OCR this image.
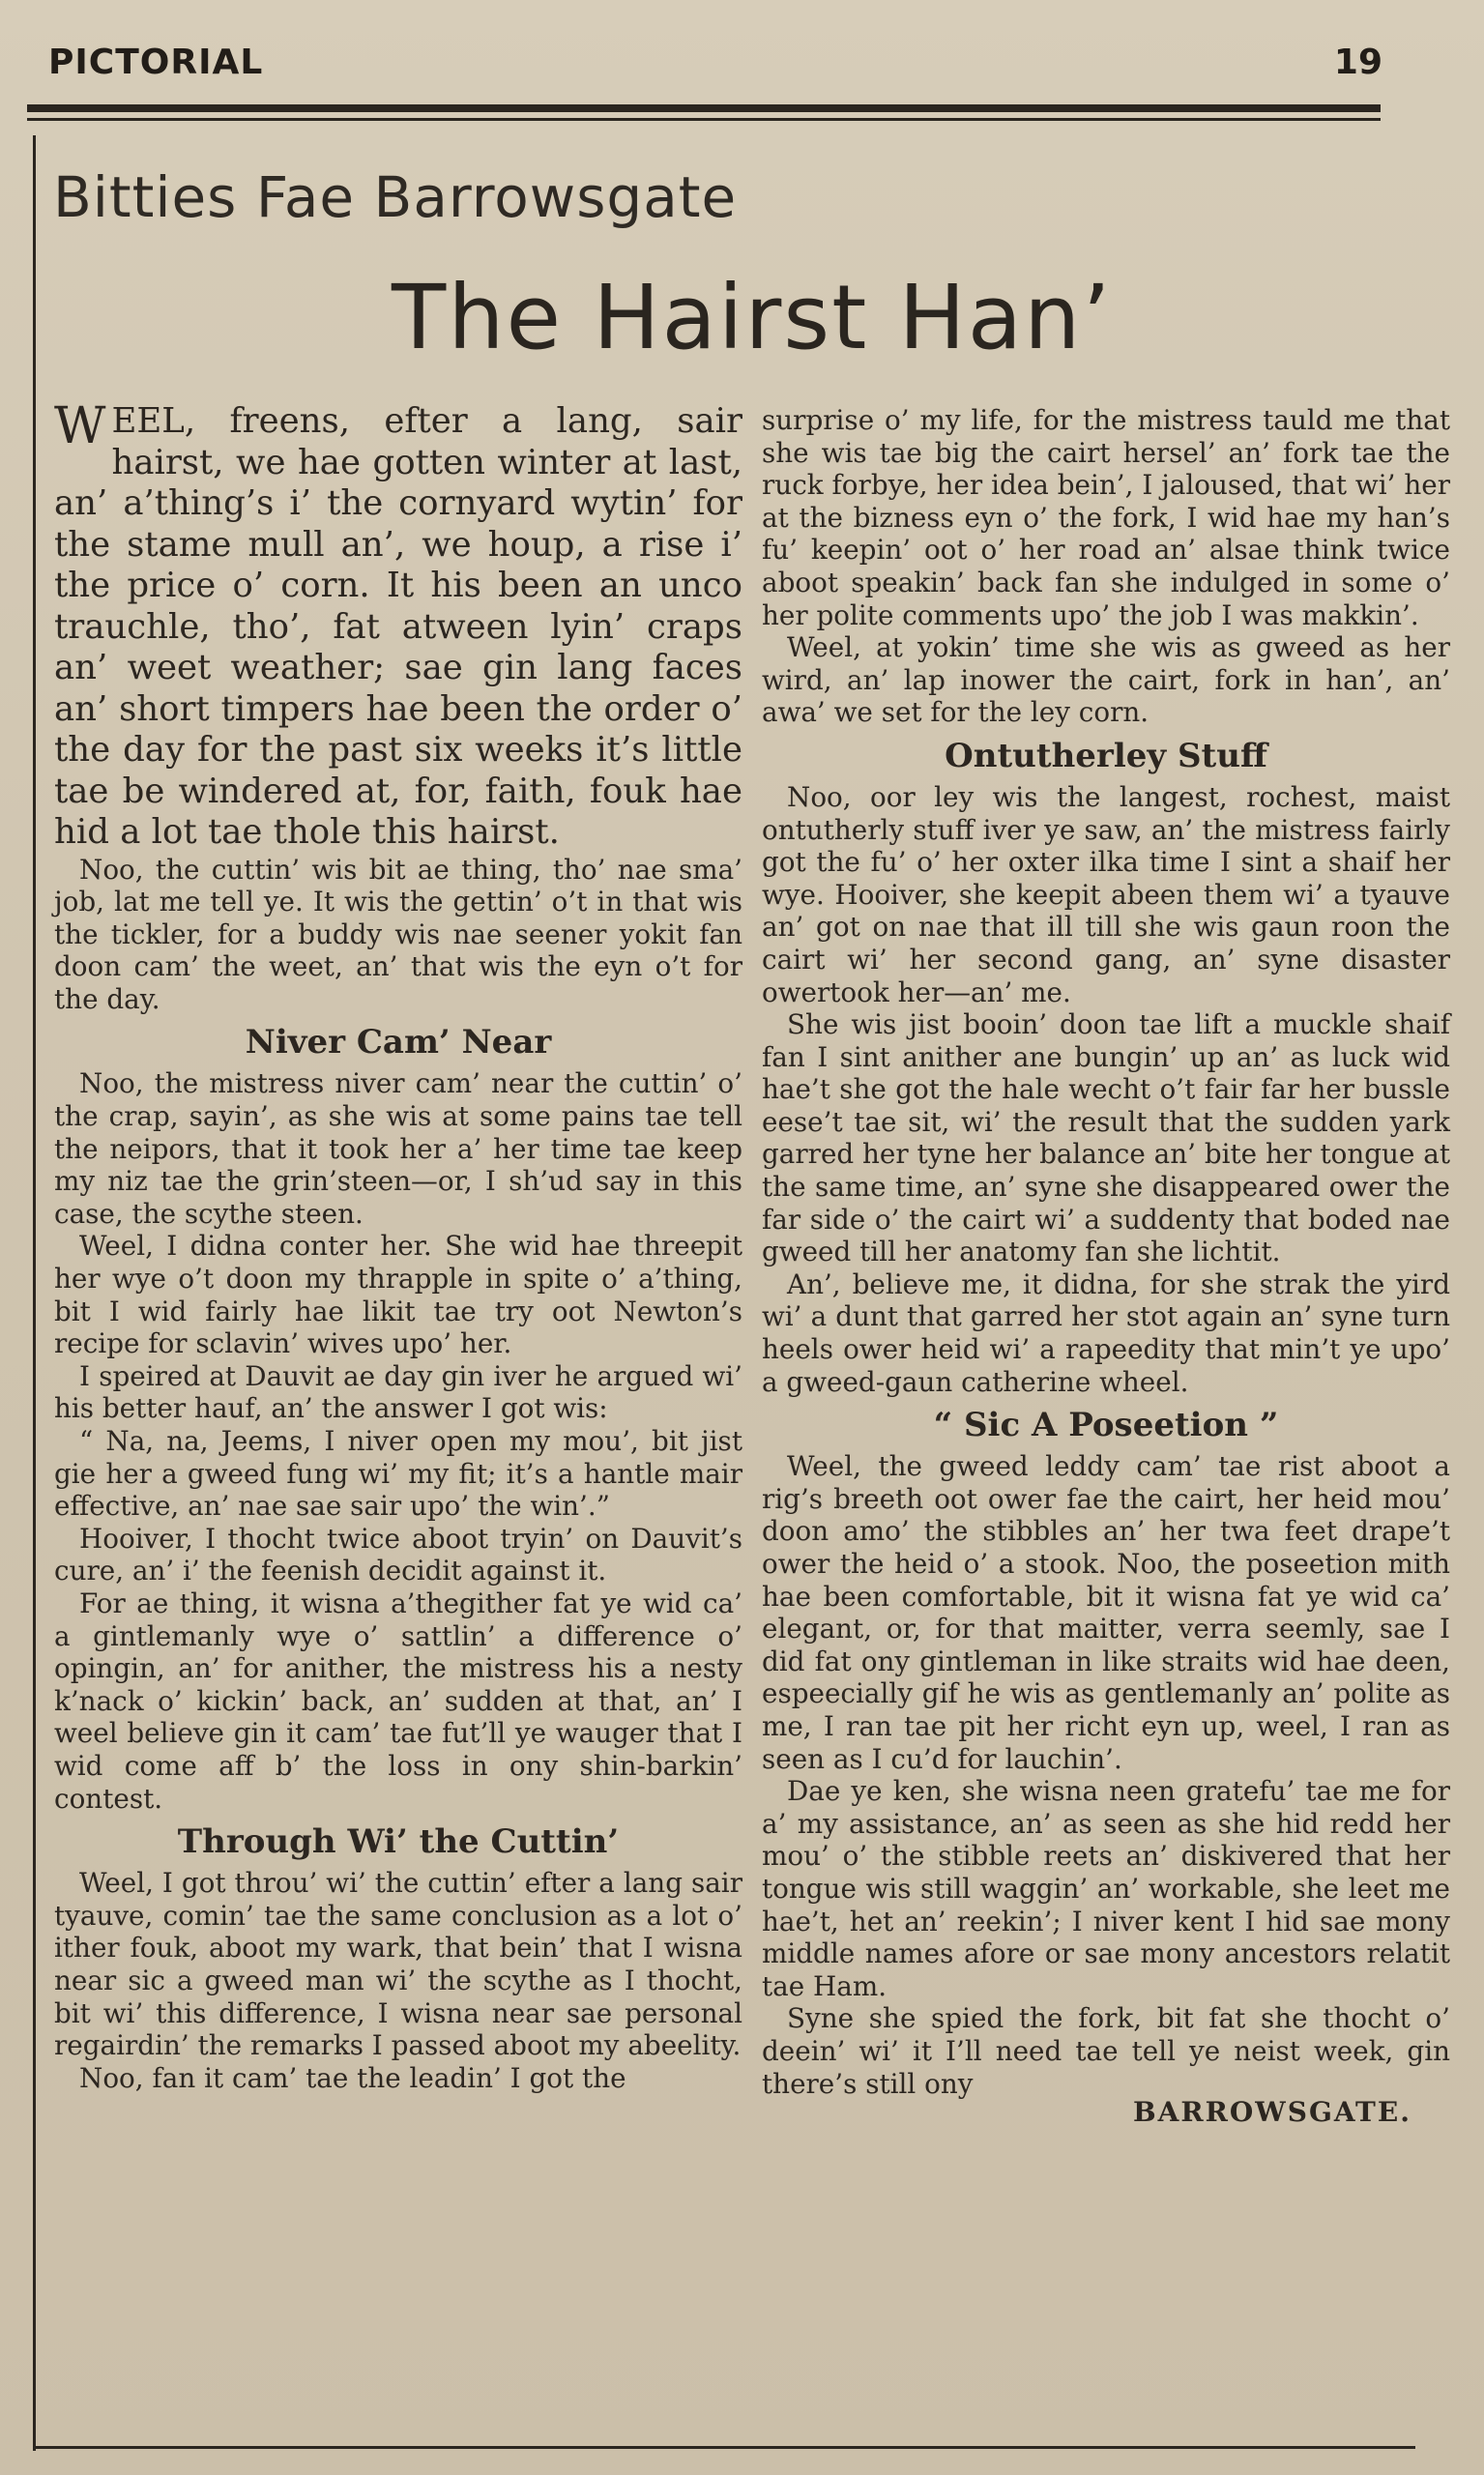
PICTORIAL	19
Bitties Fae Barrowsgate
The Hairst Han’

W EEL, freens, efter a lang, sair hairst, we hae gotten winter at last, an’ a’thing’s i’ the cornyard wytin’ for the stame mull an’, we houp, a rise i’ the price o’ corn. It his been an unco trauchle, tho’, fat atween lyin’ craps an’ weet weather; sae gin lang faces an’ short timpers hae been the order o’ the day for the past six weeks it’s little tae be windered at, for, faith, fouk hae hid a lot tae thole this hairst.

Noo, the cuttin’ wis bit ae thing, tho’ nae sma’ job, lat me tell ye. It wis the gettin’ o’t in that wis the tickler, for a buddy wis nae seener yokit fan doon cam’ the weet, an’ that wis the eyn o’t for the day.

Niver Cam’ Near

Noo, the mistress niver cam’ near the cuttin’ o’ the crap, sayin’, as she wis at some pains tae tell the neipors, that it took her a’ her time tae keep my niz tae the grin’steen—or, I sh’ud say in this case, the scythe steen.

Weel, I didna conter her. She wid hae threepit her wye o’t doon my thrapple in spite o’ a’thing, bit I wid fairly hae likit tae try oot Newton’s recipe for sclavin’ wives upo’ her.

I speired at Dauvit ae day gin iver he argued wi’ his better hauf, an’ the answer I got wis:

“ Na, na, Jeems, I niver open my mou’, bit jist gie her a gweed fung wi’ my fit; it’s a hantle mair effective, an’ nae sae sair upo’ the win’.”

Hooiver, I thocht twice aboot tryin’ on Dauvit’s cure, an’ i’ the feenish decidit against it.

For ae thing, it wisna a’thegither fat ye wid ca’ a gintlemanly wye o’ sattlin’ a difference o’ opingin, an’ for anither, the mistress his a nesty k’nack o’ kickin’ back, an’ sudden at that, an’ I weel believe gin it cam’ tae fut’ll ye wauger that I wid come aff b’ the loss in ony shin-barkin’ contest.

Through Wi’ the Cuttin’

Weel, I got throu’ wi’ the cuttin’ efter a lang sair tyauve, comin’ tae the same conclusion as a lot o’ ither fouk, aboot my wark, that bein’ that I wisna near sic a gweed man wi’ the scythe as I thocht, bit wi’ this difference, I wisna near sae personal regairdin’ the remarks I passed aboot my abeelity.

Noo, fan it cam’ tae the leadin’ I got the

surprise o’ my life, for the mistress tauld me that she wis tae big the cairt hersel’ an’ fork tae the ruck forbye, her idea bein’, I jaloused, that wi’ her at the bizness eyn o’ the fork, I wid hae my han’s fu’ keepin’ oot o’ her road an’ alsae think twice aboot speakin’ back fan she indulged in some o’ her polite comments upo’ the job I was makkin’.

Weel, at yokin’ time she wis as gweed as her wird, an’ lap inower the cairt, fork in han’, an’ awa’ we set for the ley corn.

Ontutherley Stuff

Noo, oor ley wis the langest, rochest, maist ontutherly stuff iver ye saw, an’ the mistress fairly got the fu’ o’ her oxter ilka time I sint a shaif her wye. Hooiver, she keepit abeen them wi’ a tyauve an’ got on nae that ill till she wis gaun roon the cairt wi’ her second gang, an’ syne disaster owertook her—an’ me.

She wis jist booin’ doon tae lift a muckle shaif fan I sint anither ane bungin’ up an’ as luck wid hae’t she got the hale wecht o’t fair far her bussle eese’t tae sit, wi’ the result that the sudden yark garred her tyne her balance an’ bite her tongue at the same time, an’ syne she disappeared ower the far side o’ the cairt wi’ a suddenty that boded nae gweed till her anatomy fan she lichtit.

An’, believe me, it didna, for she strak the yird wi’ a dunt that garred her stot again an’ syne turn heels ower heid wi’ a rapeedity that min’t ye upo’ a gweed-gaun catherine wheel.

“ Sic A Poseetion ”

Weel, the gweed leddy cam’ tae rist aboot a rig’s breeth oot ower fae the cairt, her heid mou’ doon amo’ the stibbles an’ her twa feet drape’t ower the heid o’ a stook. Noo, the poseetion mith hae been comfortable, bit it wisna fat ye wid ca’ elegant, or, for that maitter, verra seemly, sae I did fat ony gintleman in like straits wid hae deen, espeecially gif he wis as gentlemanly an’ polite as me, I ran tae pit her richt eyn up, weel, I ran as seen as I cu’d for lauchin’.

Dae ye ken, she wisna neen gratefu’ tae me for a’ my assistance, an’ as seen as she hid redd her mou’ o’ the stibble reets an’ diskivered that her tongue wis still waggin’ an’ workable, she leet me hae’t, het an’ reekin’; I niver kent I hid sae mony middle names afore or sae mony ancestors relatit tae Ham.

Syne she spied the fork, bit fat she thocht o’ deein’ wi’ it I’ll need tae tell ye neist week, gin there’s still ony

BARROWSGATE.
